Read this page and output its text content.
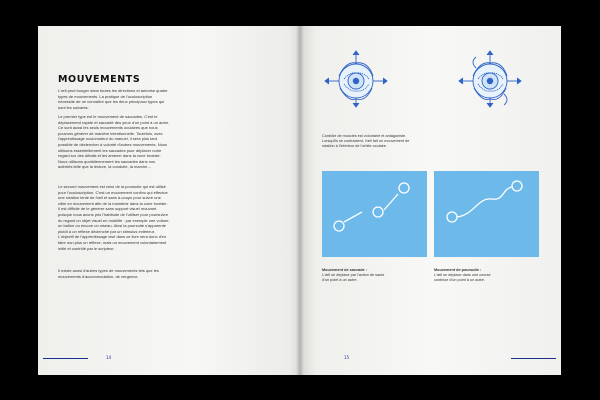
MOUVEMENTS

L'œil peut bouger dans toutes les directions et autorise quatre types de mouvements. La pratique de l'oculoscription nécessite de ne connaître que les deux principaux types qui sont les suivants.

Le premier type est le mouvement de saccades. C'est le déplacement rapide et saccadé des yeux d'un point à un autre. Ce sont aussi les seuls mouvements oculaires que nous pouvons générer de manière intentionnelle. Toutefois, avec l'apprentissage oculomoteur du manuel, il sera plus tard possible de déclencher à volonté d'autres mouvements. Nous utilisons essentiellement les saccades pour déplacer notre regard sur des détails et les amener dans la zone fovéale. Nous utilisons quotidiennement les saccades dans nos activités telle que la lecture, la conduite, la marche…

Le second mouvement est celui de la poursuite qui est utilisé pour l'oculoscription. C'est un mouvement continu qui effectue une rotation lente de l'œil et sans à-coups pour suivre une cible en mouvement afin de la maintenir dans la zone fovéale. Il est difficile de le générer sans support visuel mouvant puisque nous avons pris l'habitude de l'utiliser pour poursuivre du regard un objet visuel en mobilité : par exemple une voiture, un ballon ou encore un oiseau. Ainsi la poursuite s'apparente plutôt à un réflexe déclenché par un stimulus extérieur. L'objectif de l'apprentissage visé dans ce livre sera donc d'en faire non plus un réflexe, mais un mouvement volontairement initié et contrôlé par le scripteur.

Il existe aussi d'autres types de mouvements tels que les mouvements d'accommodation, de vergence.

14

Contrôle de muscles est volontaire et antagoniste. Lorsqu'ils se contractent, l'œil fait un mouvement de rotation à l'intérieur de l'orbite oculaire.

Mouvement de saccade :
L'œil se déplace par l'action de sauts d'un point à un autre.

Mouvement de poursuite :
L'œil se déplace dans une course continue d'un point à un autre.

15
